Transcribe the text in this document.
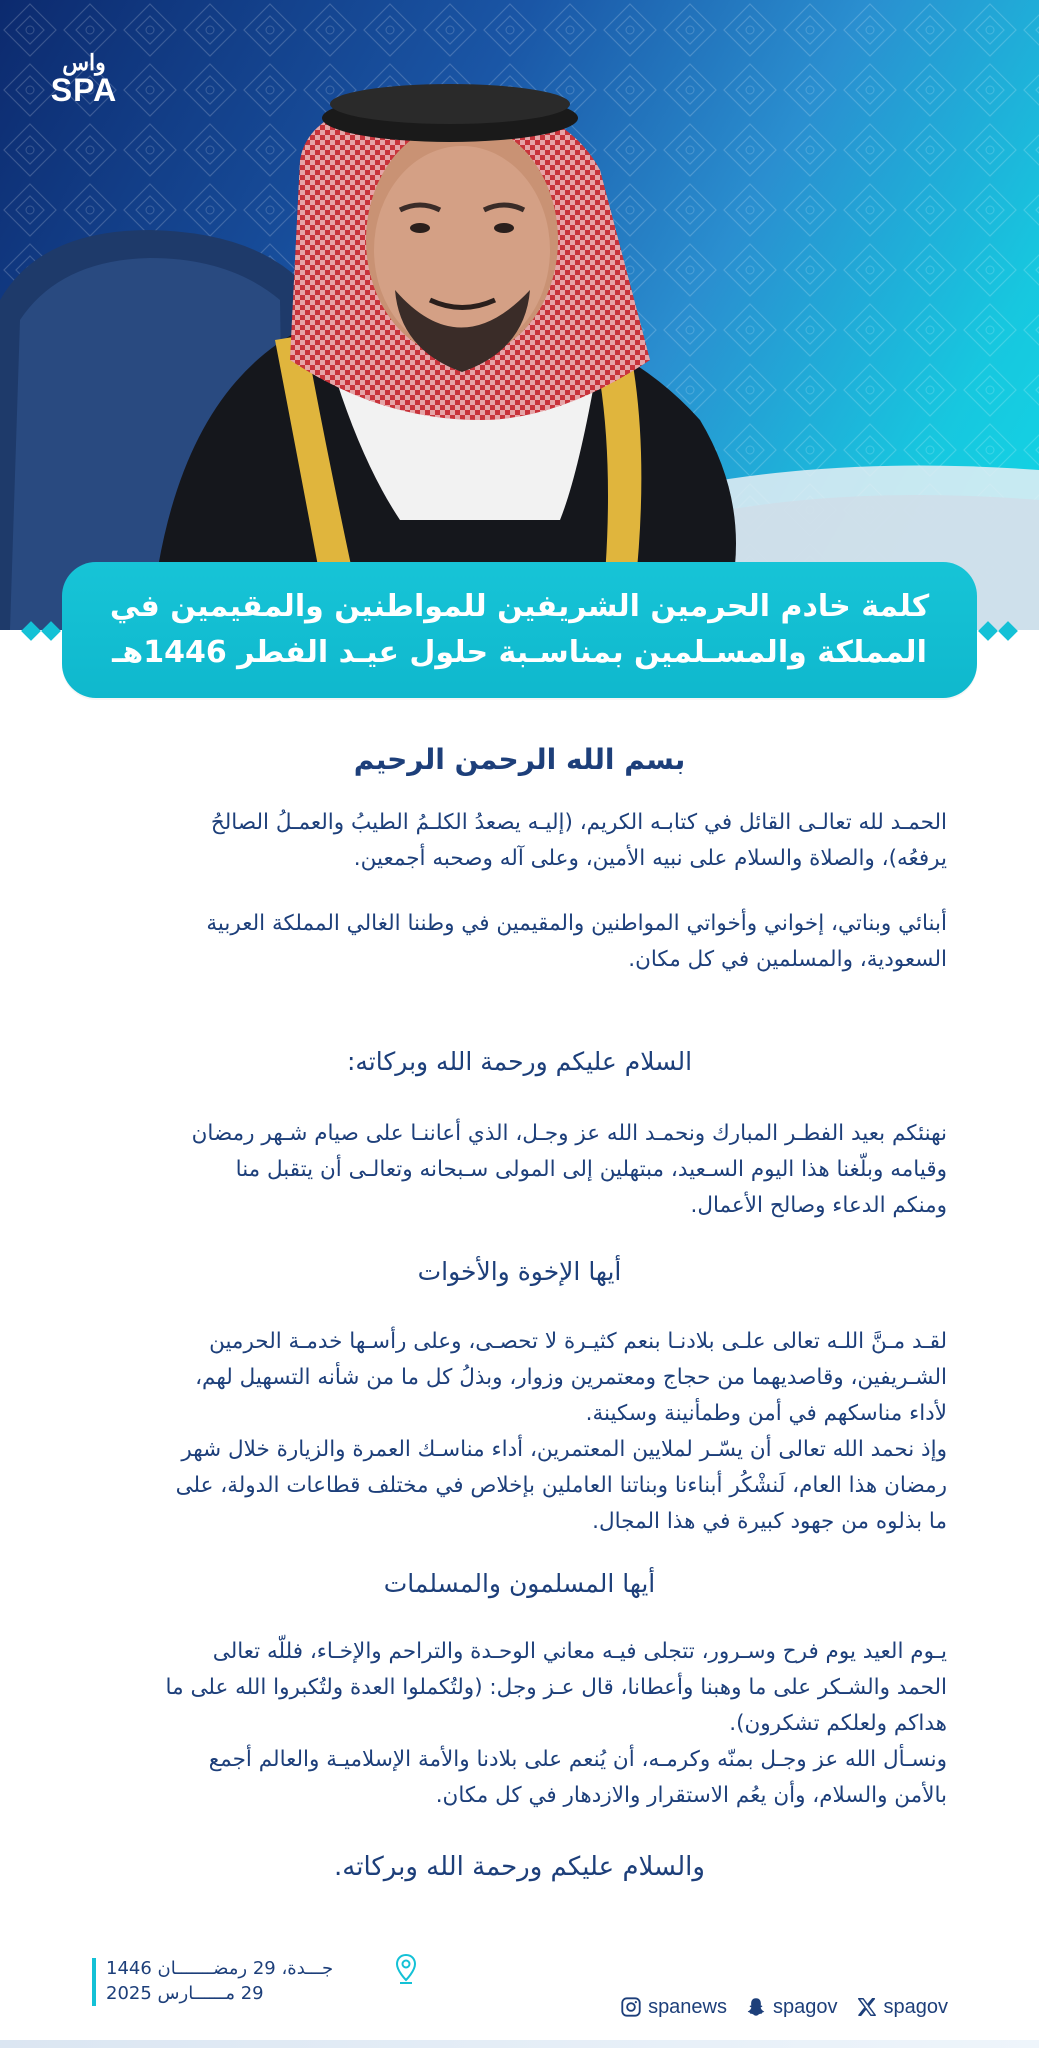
واس
SPA
كلمة خادم الحرمين الشريفين للمواطنين والمقيمين في
المملكة والمسـلمين بمناسـبة حلول عيـد الفطر 1446هـ
بسم الله الرحمن الرحيم
الحمـد لله تعالـى القائل في كتابـه الكريم، (إليـه يصعدُ الكلـمُ الطيبُ والعمـلُ الصالحُ
يرفعُه)، والصلاة والسلام على نبيه الأمين، وعلى آله وصحبه أجمعين.
أبنائي وبناتي، إخواني وأخواتي المواطنين والمقيمين في وطننا الغالي المملكة العربية
السعودية، والمسلمين في كل مكان.
السلام عليكم ورحمة الله وبركاته:
نهنئكم بعيد الفطـر المبارك ونحمـد الله عز وجـل، الذي أعاننـا على صيام شـهر رمضان
وقيامه وبلّغنا هذا اليوم السـعيد، مبتهلين إلى المولى سـبحانه وتعالـى أن يتقبل منا
ومنكم الدعاء وصالح الأعمال.
أيها الإخوة والأخوات
لقـد مـنَّ اللـه تعالى علـى بلادنـا بنعم كثيـرة لا تحصـى، وعلى رأسـها خدمـة الحرمين
الشـريفين، وقاصديهما من حجاج ومعتمرين وزوار، وبذلُ كل ما من شأنه التسهيل لهم،
لأداء مناسكهم في أمن وطمأنينة وسكينة.
وإذ نحمد الله تعالى أن يسّـر لملايين المعتمرين، أداء مناسـك العمرة والزيارة خلال شهر
رمضان هذا العام، لَنشْكُر أبناءنا وبناتنا العاملين بإخلاص في مختلف قطاعات الدولة، على
ما بذلوه من جهود كبيرة في هذا المجال.
أيها المسلمون والمسلمات
يـوم العيد يوم فرح وسـرور، تتجلى فيـه معاني الوحـدة والتراحم والإخـاء، فللّه تعالى
الحمد والشـكر على ما وهبنا وأعطانا، قال عـز وجل: (ولتُكملوا العدة ولتُكبروا الله على ما
هداكم ولعلكم تشكرون).
ونسـأل الله عز وجـل بمنّه وكرمـه، أن يُنعم على بلادنا والأمة الإسلاميـة والعالم أجمع
بالأمن والسلام، وأن يعُم الاستقرار والازدهار في كل مكان.
والسلام عليكم ورحمة الله وبركاته.
جـــدة، 29 رمضـــــــان 1446
29 مــــــارس 2025
spanews spagov spagov
